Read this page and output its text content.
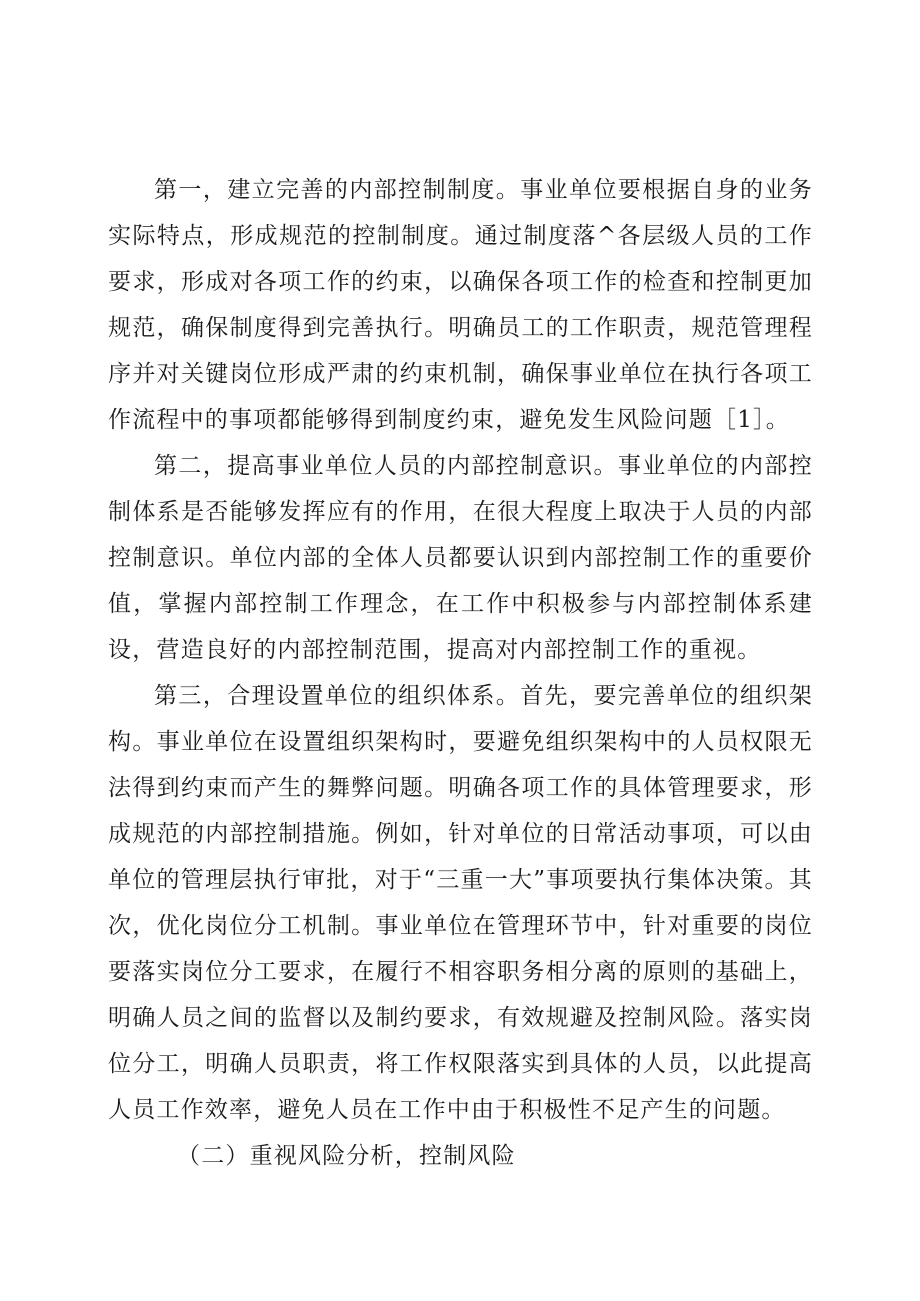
第一，建立完善的内部控制制度。事业单位要根据自身的业务实际特点，形成规范的控制制度。通过制度落^各层级人员的工作要求，形成对各项工作的约束，以确保各项工作的检查和控制更加规范，确保制度得到完善执行。明确员工的工作职责，规范管理程序并对关键岗位形成严肃的约束机制，确保事业单位在执行各项工作流程中的事项都能够得到制度约束，避免发生风险问题［1］。

第二，提高事业单位人员的内部控制意识。事业单位的内部控制体系是否能够发挥应有的作用，在很大程度上取决于人员的内部控制意识。单位内部的全体人员都要认识到内部控制工作的重要价值，掌握内部控制工作理念，在工作中积极参与内部控制体系建设，营造良好的内部控制范围，提高对内部控制工作的重视。

第三，合理设置单位的组织体系。首先，要完善单位的组织架构。事业单位在设置组织架构时，要避免组织架构中的人员权限无法得到约束而产生的舞弊问题。明确各项工作的具体管理要求，形成规范的内部控制措施。例如，针对单位的日常活动事项，可以由单位的管理层执行审批，对于“三重一大”事项要执行集体决策。其次，优化岗位分工机制。事业单位在管理环节中，针对重要的岗位要落实岗位分工要求，在履行不相容职务相分离的原则的基础上，明确人员之间的监督以及制约要求，有效规避及控制风险。落实岗位分工，明确人员职责，将工作权限落实到具体的人员，以此提高人员工作效率，避免人员在工作中由于积极性不足产生的问题。

（二）重视风险分析，控制风险
